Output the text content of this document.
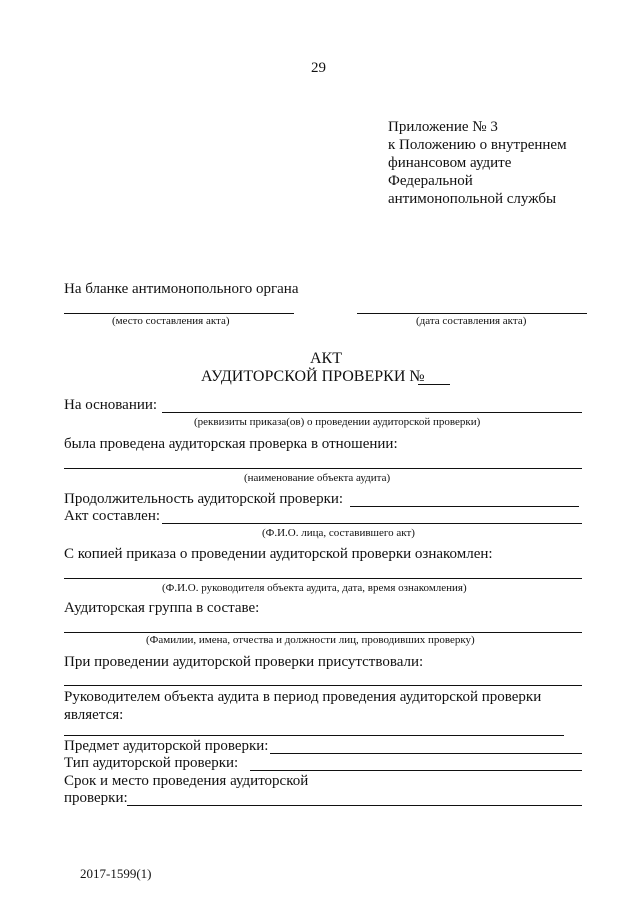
29
Приложение № 3
к Положению о внутреннем
финансовом аудите
Федеральной
антимонопольной службы
На бланке антимонопольного органа
(место составления акта)	(дата составления акта)
АКТ
АУДИТОРСКОЙ ПРОВЕРКИ №
На основании:
(реквизиты приказа(ов) о проведении аудиторской проверки)
была проведена аудиторская проверка в отношении:
(наименование объекта аудита)
Продолжительность аудиторской проверки:
Акт составлен:
(Ф.И.О. лица, составившего акт)
С копией приказа о проведении аудиторской проверки ознакомлен:
(Ф.И.О. руководителя объекта аудита, дата, время ознакомления)
Аудиторская группа в составе:
(Фамилии, имена, отчества и должности лиц, проводивших проверку)
При проведении аудиторской проверки присутствовали:
Руководителем объекта аудита в период проведения аудиторской проверки
является:
Предмет аудиторской проверки:
Тип аудиторской проверки:
Срок и место проведения аудиторской
проверки:
2017-1599(1)
